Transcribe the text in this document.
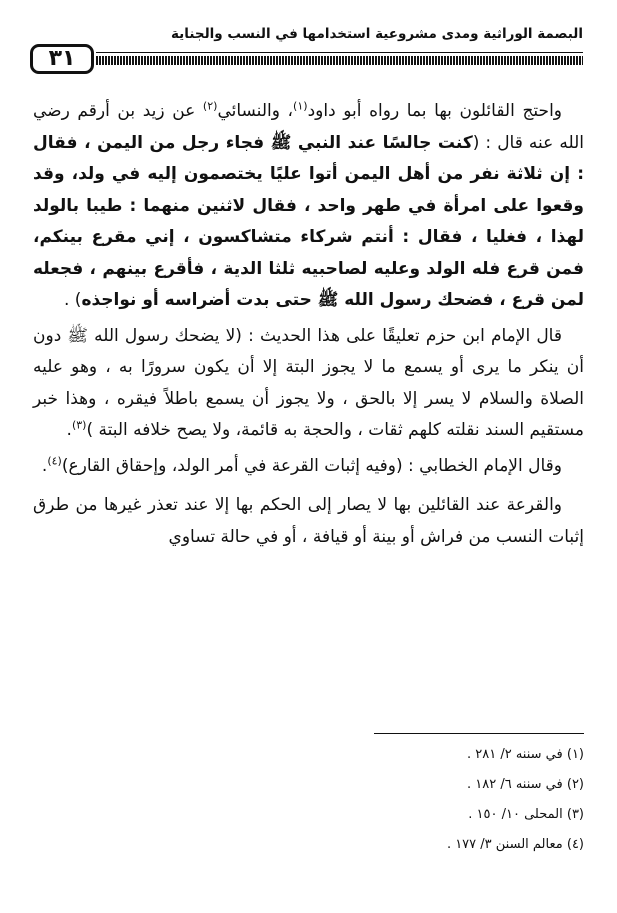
البصمة الوراثية ومدى مشروعية استخدامها في النسب والجناية
٣١

واحتج القائلون بها بما رواه أبو داود$^{(١)}$، والنسائي$^{(٢)}$ عن زيد بن أرقم رضي الله عنه قال : (كنت جالسًا عند النبي ﷺ فجاء رجل من اليمن ، فقال : إن ثلاثة نفر من أهل اليمن أتوا عليًا يختصمون إليه في ولد، وقد وقعوا على امرأة في طهر واحد ، فقال لاثنين منهما : طيبا بالولد لهذا ، فغليا ، فقال : أنتم شركاء متشاكسون ، إني مقرع بينكم، فمن قرع فله الولد وعليه لصاحبيه ثلثا الدية ، فأقرع بينهم ، فجعله لمن قرع ، فضحك رسول الله ﷺ حتى بدت أضراسه أو نواجذه) .

قال الإمام ابن حزم تعليقًا على هذا الحديث : (لا يضحك رسول الله ﷺ دون أن ينكر ما يرى أو يسمع ما لا يجوز البتة إلا أن يكون سرورًا به ، وهو عليه الصلاة والسلام لا يسر إلا بالحق ، ولا يجوز أن يسمع باطلاً فيقره ، وهذا خبر مستقيم السند نقلته كلهم ثقات ، والحجة به قائمة، ولا يصح خلافه البتة )$^{(٣)}$.

وقال الإمام الخطابي : (وفيه إثبات القرعة في أمر الولد، وإحقاق القارع)$^{(٤)}$.

والقرعة عند القائلين بها لا يصار إلى الحكم بها إلا عند تعذر غيرها من طرق إثبات النسب من فراش أو بينة أو قيافة ، أو في حالة تساوي

(١) في سننه ٢/ ٢٨١ .
(٢) في سننه ٦/ ١٨٢ .
(٣) المحلى ١٠/ ١٥٠ .
(٤) معالم السنن ٣/ ١٧٧ .
